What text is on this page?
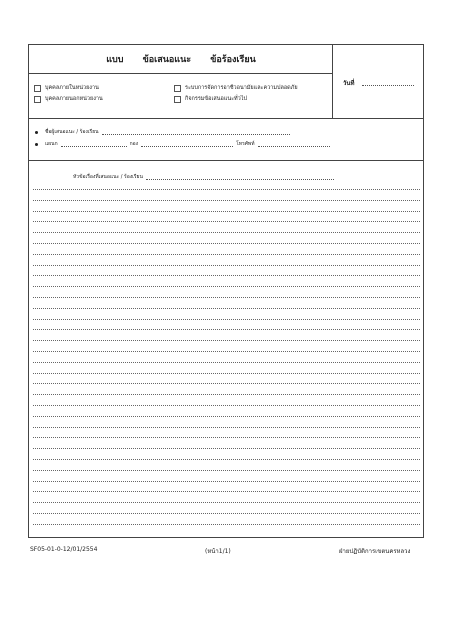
แบบ ข้อเสนอแนะ ข้อร้องเรียน
บุคคลภายในหน่วยงาน
บุคคลภายนอกหน่วยงาน
ระบบการจัดการอาชีวอนามัยและความปลอดภัย
กิจกรรมข้อเสนอแนะทั่วไป
วันที่
ชื่อผู้เสนอแนะ / ร้องเรียน
แผนก	กอง	โทรศัพท์
หัวข้อเรื่องที่เสนอแนะ / ร้องเรียน
SF05-01-0-12/01/2554	(หน้า1/1)	ฝ่ายปฏิบัติการเขตนครหลวง
